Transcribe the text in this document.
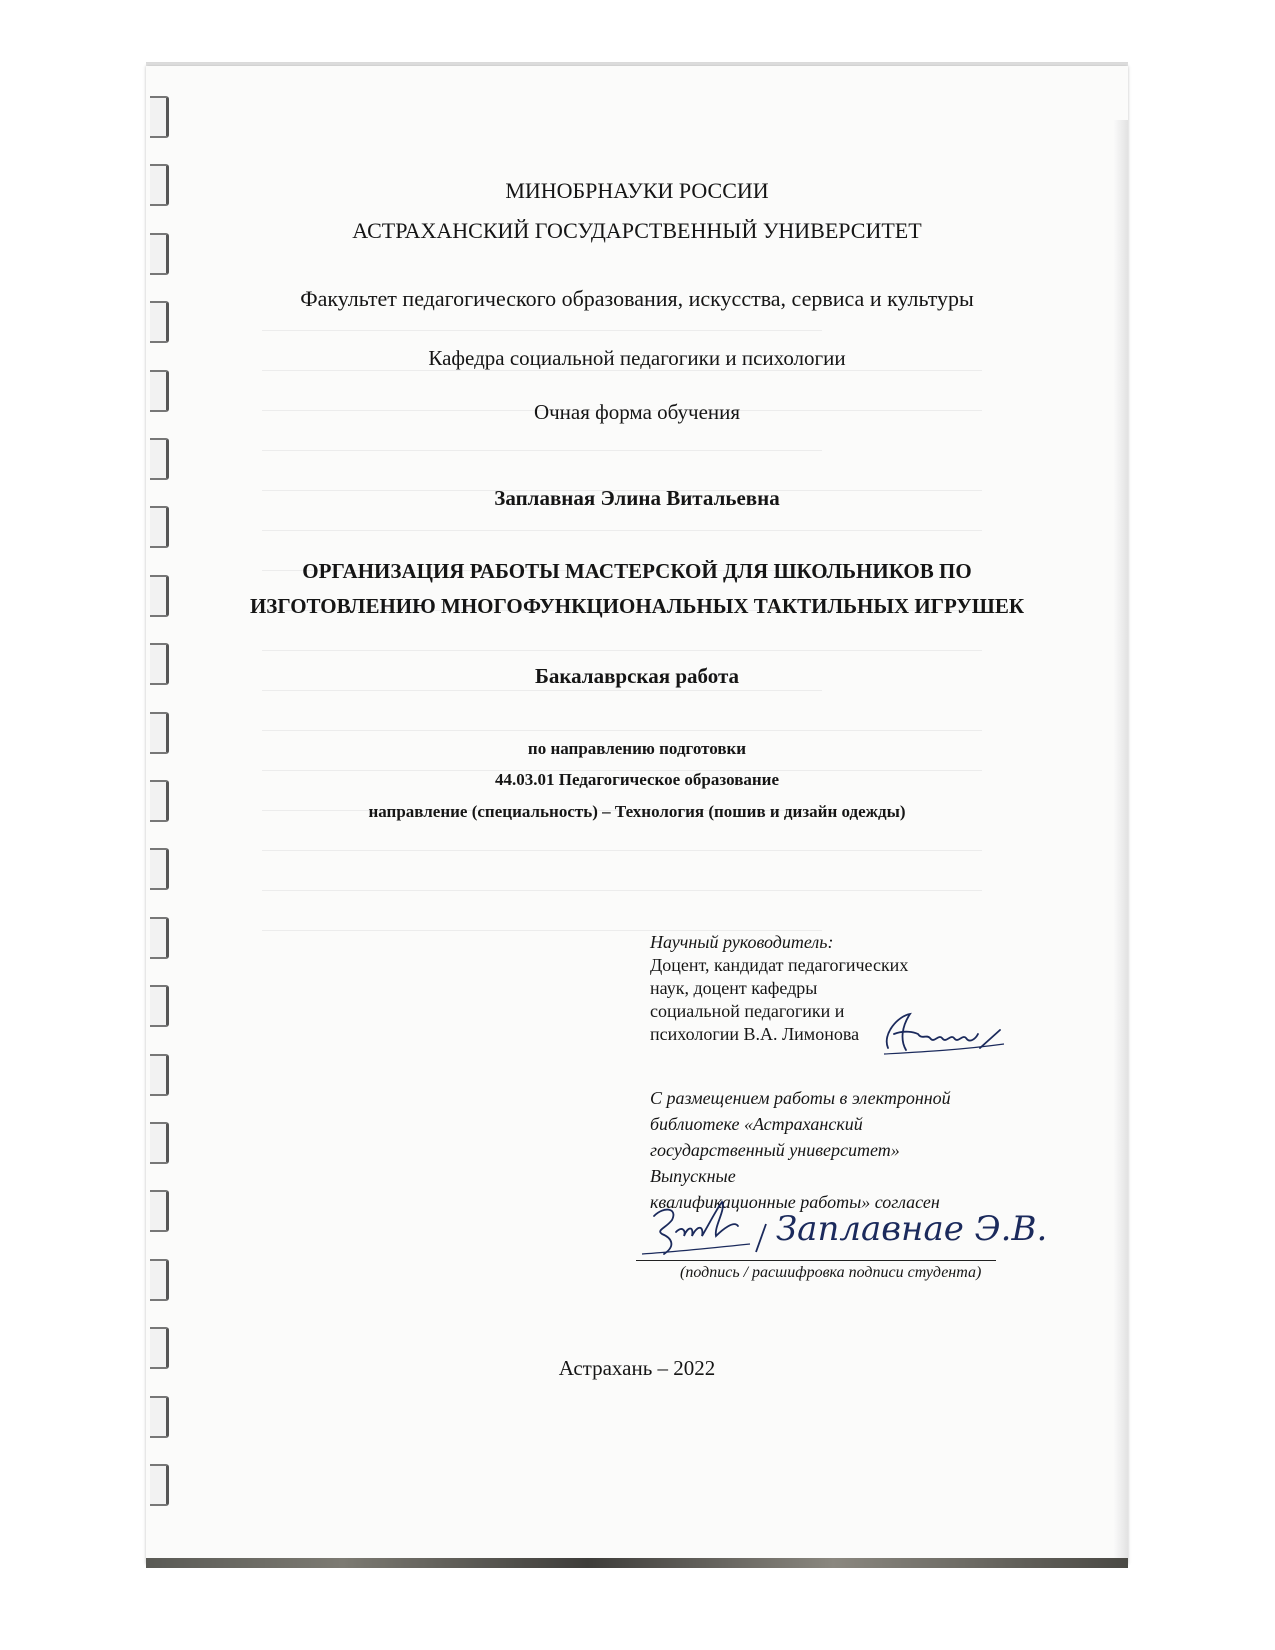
МИНОБРНАУКИ РОССИИ
АСТРАХАНСКИЙ ГОСУДАРСТВЕННЫЙ УНИВЕРСИТЕТ
Факультет педагогического образования, искусства, сервиса и культуры
Кафедра социальной педагогики и психологии
Очная форма обучения
Заплавная Элина Витальевна
ОРГАНИЗАЦИЯ РАБОТЫ МАСТЕРСКОЙ ДЛЯ ШКОЛЬНИКОВ ПО
ИЗГОТОВЛЕНИЮ МНОГОФУНКЦИОНАЛЬНЫХ ТАКТИЛЬНЫХ ИГРУШЕК
Бакалаврская работа
по направлению подготовки
44.03.01 Педагогическое образование
направление (специальность) – Технология (пошив и дизайн одежды)
Научный руководитель:
Доцент, кандидат педагогических
наук, доцент кафедры
социальной педагогики и
психологии В.А. Лимонова
С размещением работы в электронной
библиотеке «Астраханский
государственный университет»
Выпускные
квалификационные работы» согласен
Заплавнае Э.В.
(подпись / расшифровка подписи студента)
Астрахань – 2022
